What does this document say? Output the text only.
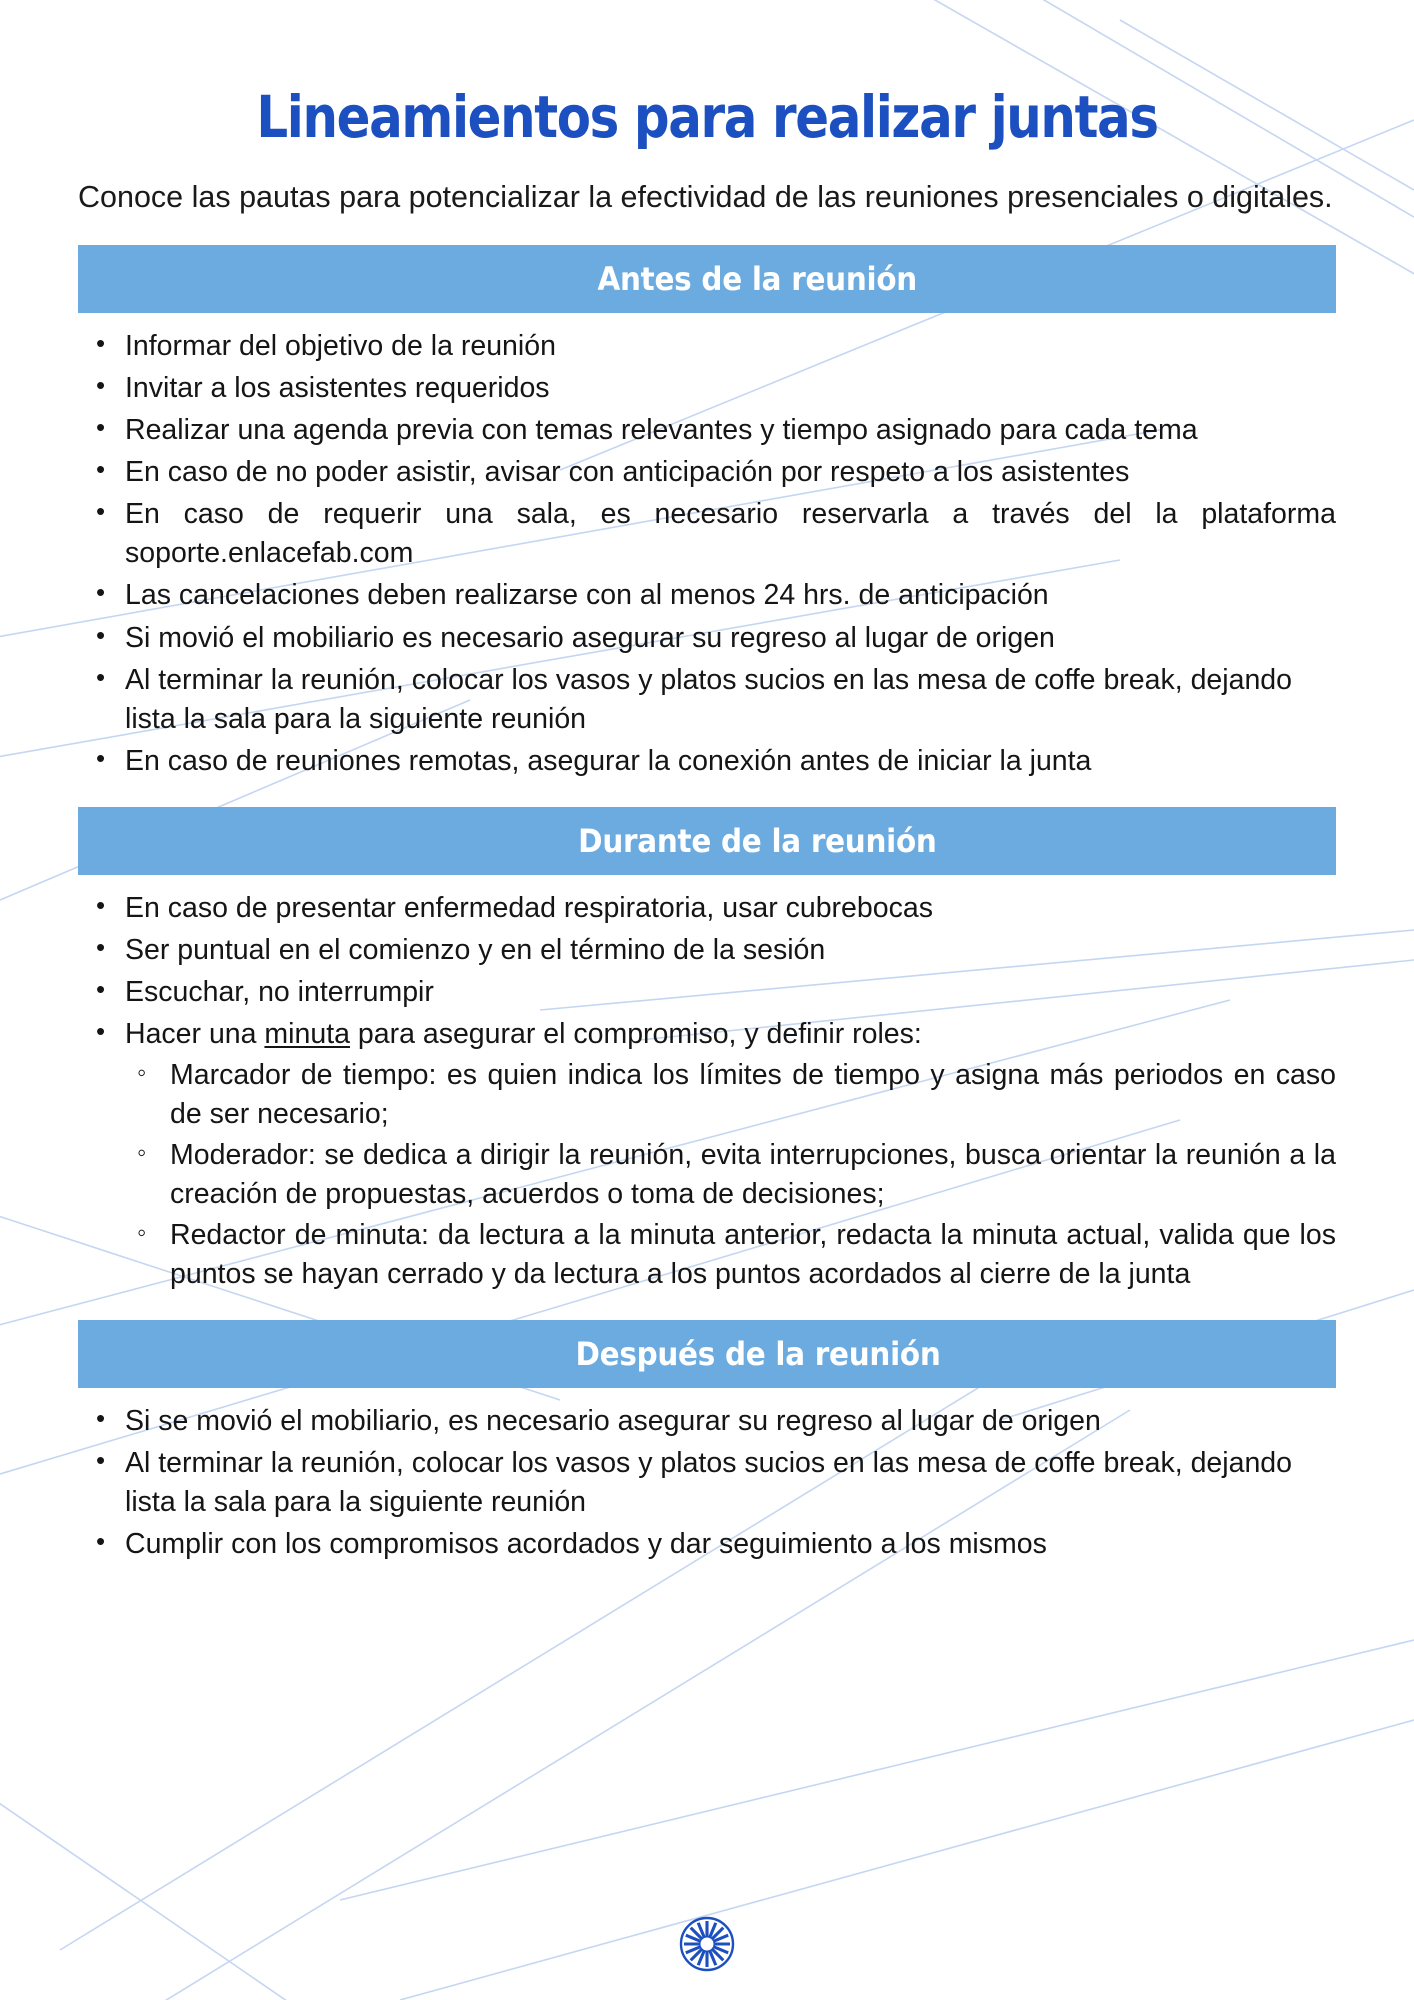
Lineamientos para realizar juntas

Conoce las pautas para potencializar la efectividad de las reuniones presenciales o digitales.

Antes de la reunión
• Informar del objetivo de la reunión
• Invitar a los asistentes requeridos
• Realizar una agenda previa con temas relevantes y tiempo asignado para cada tema
• En caso de no poder asistir, avisar con anticipación por respeto a los asistentes
• En caso de requerir una sala, es necesario reservarla a través del la plataforma soporte.enlacefab.com
• Las cancelaciones deben realizarse con al menos 24 hrs. de anticipación
• Si movió el mobiliario es necesario asegurar su regreso al lugar de origen
• Al terminar la reunión, colocar los vasos y platos sucios en las mesa de coffe break, dejando lista la sala para la siguiente reunión
• En caso de reuniones remotas, asegurar la conexión antes de iniciar la junta
Durante de la reunión
• En caso de presentar enfermedad respiratoria, usar cubrebocas
• Ser puntual en el comienzo y en el término de la sesión
• Escuchar, no interrumpir
• Hacer una minuta para asegurar el compromiso, y definir roles:
◦ Marcador de tiempo: es quien indica los límites de tiempo y asigna más periodos en caso de ser necesario;
◦ Moderador: se dedica a dirigir la reunión, evita interrupciones, busca orientar la reunión a la creación de propuestas, acuerdos o toma de decisiones;
◦ Redactor de minuta: da lectura a la minuta anterior, redacta la minuta actual, valida que los puntos se hayan cerrado y da lectura a los puntos acordados al cierre de la junta
Después de la reunión
• Si se movió el mobiliario, es necesario asegurar su regreso al lugar de origen
• Al terminar la reunión, colocar los vasos y platos sucios en las mesa de coffe break, dejando lista la sala para la siguiente reunión
• Cumplir con los compromisos acordados y dar seguimiento a los mismos
